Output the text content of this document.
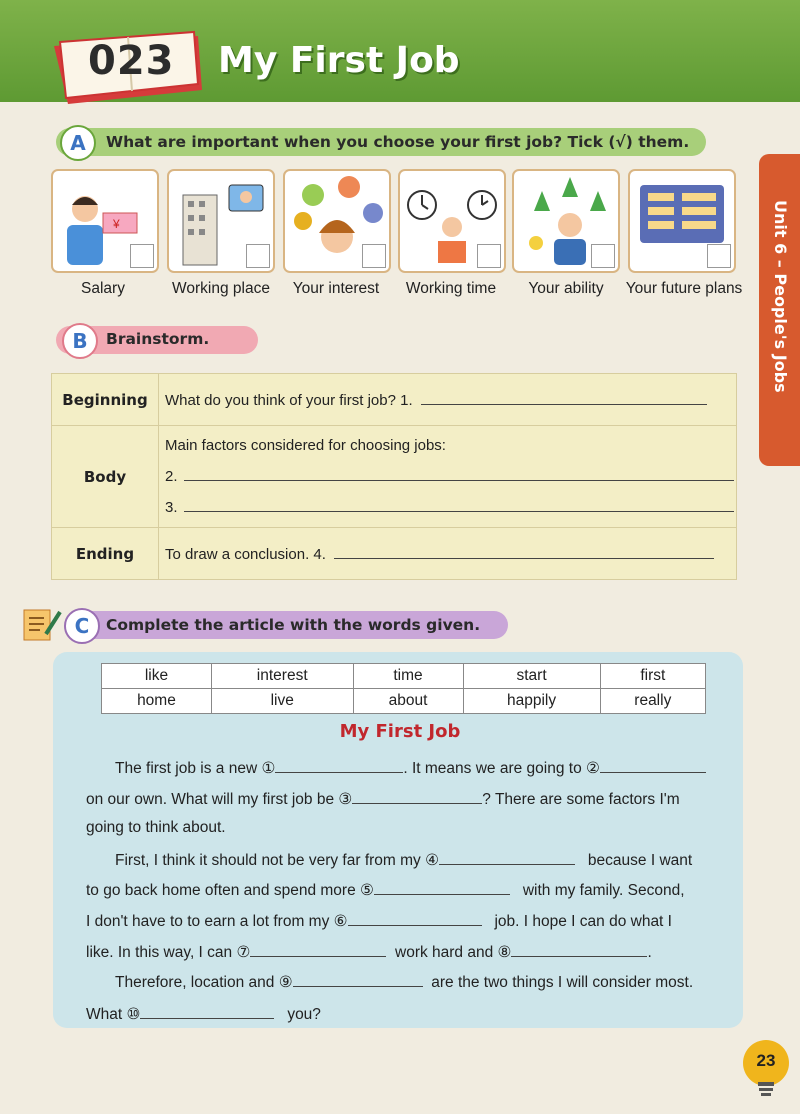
023 My First Job
Unit 6 – People's Jobs
A	What are important when you choose your first job? Tick (√) them.
¥
Salary	Working place	Your interest	Working time	Your ability	Your future plans
B	Brainstorm.
Beginning	What do you think of your first job? 1.
Body	Main factors considered for choosing jobs:
2.
3.

Ending	To draw a conclusion. 4.
C	Complete the article with the words given.
like	interest	time	start	first
home	live	about	happily	really
My First Job
The first job is a new ①	. It means we are going to ②
on our own. What will my first job be ③	? There are some factors I'm
going to think about.
First, I think it should not be very far from my ④	because I want
to go back home often and spend more ⑤	with my family. Second,
I don't have to to earn a lot from my ⑥	job. I hope I can do what I
like. In this way, I can ⑦	work hard and ⑧	.
Therefore, location and ⑨	are the two things I will consider most.
What ⑩	you?
23
